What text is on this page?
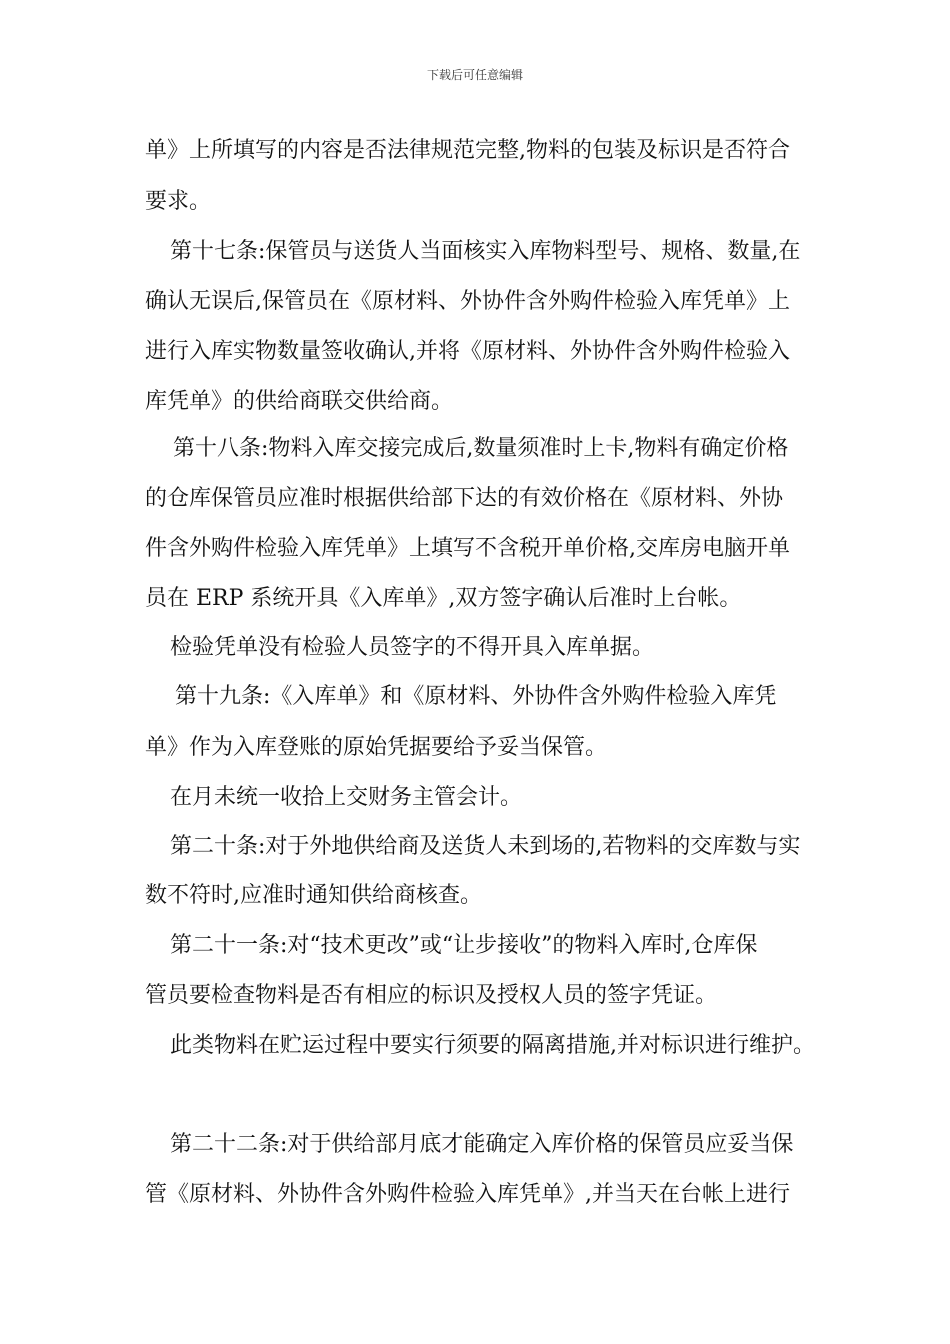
下载后可任意编辑
单》上所填写的内容是否法律规范完整,物料的包装及标识是否符合
要求。
第十七条:保管员与送货人当面核实入库物料型号、规格、数量,在
确认无误后,保管员在《原材料、外协件含外购件检验入库凭单》上
进行入库实物数量签收确认,并将《原材料、外协件含外购件检验入
库凭单》的供给商联交供给商。
第十八条:物料入库交接完成后,数量须准时上卡,物料有确定价格
的仓库保管员应准时根据供给部下达的有效价格在《原材料、外协
件含外购件检验入库凭单》上填写不含税开单价格,交库房电脑开单
员在 ERP 系统开具《入库单》,双方签字确认后准时上台帐。
检验凭单没有检验人员签字的不得开具入库单据。
第十九条:《入库单》和《原材料、外协件含外购件检验入库凭
单》作为入库登账的原始凭据要给予妥当保管。
在月未统一收拾上交财务主管会计。
第二十条:对于外地供给商及送货人未到场的,若物料的交库数与实
数不符时,应准时通知供给商核查。
第二十一条:对“技术更改”或“让步接收”的物料入库时,仓库保
管员要检查物料是否有相应的标识及授权人员的签字凭证。
此类物料在贮运过程中要实行须要的隔离措施,并对标识进行维护。
第二十二条:对于供给部月底才能确定入库价格的保管员应妥当保
管《原材料、外协件含外购件检验入库凭单》,并当天在台帐上进行
